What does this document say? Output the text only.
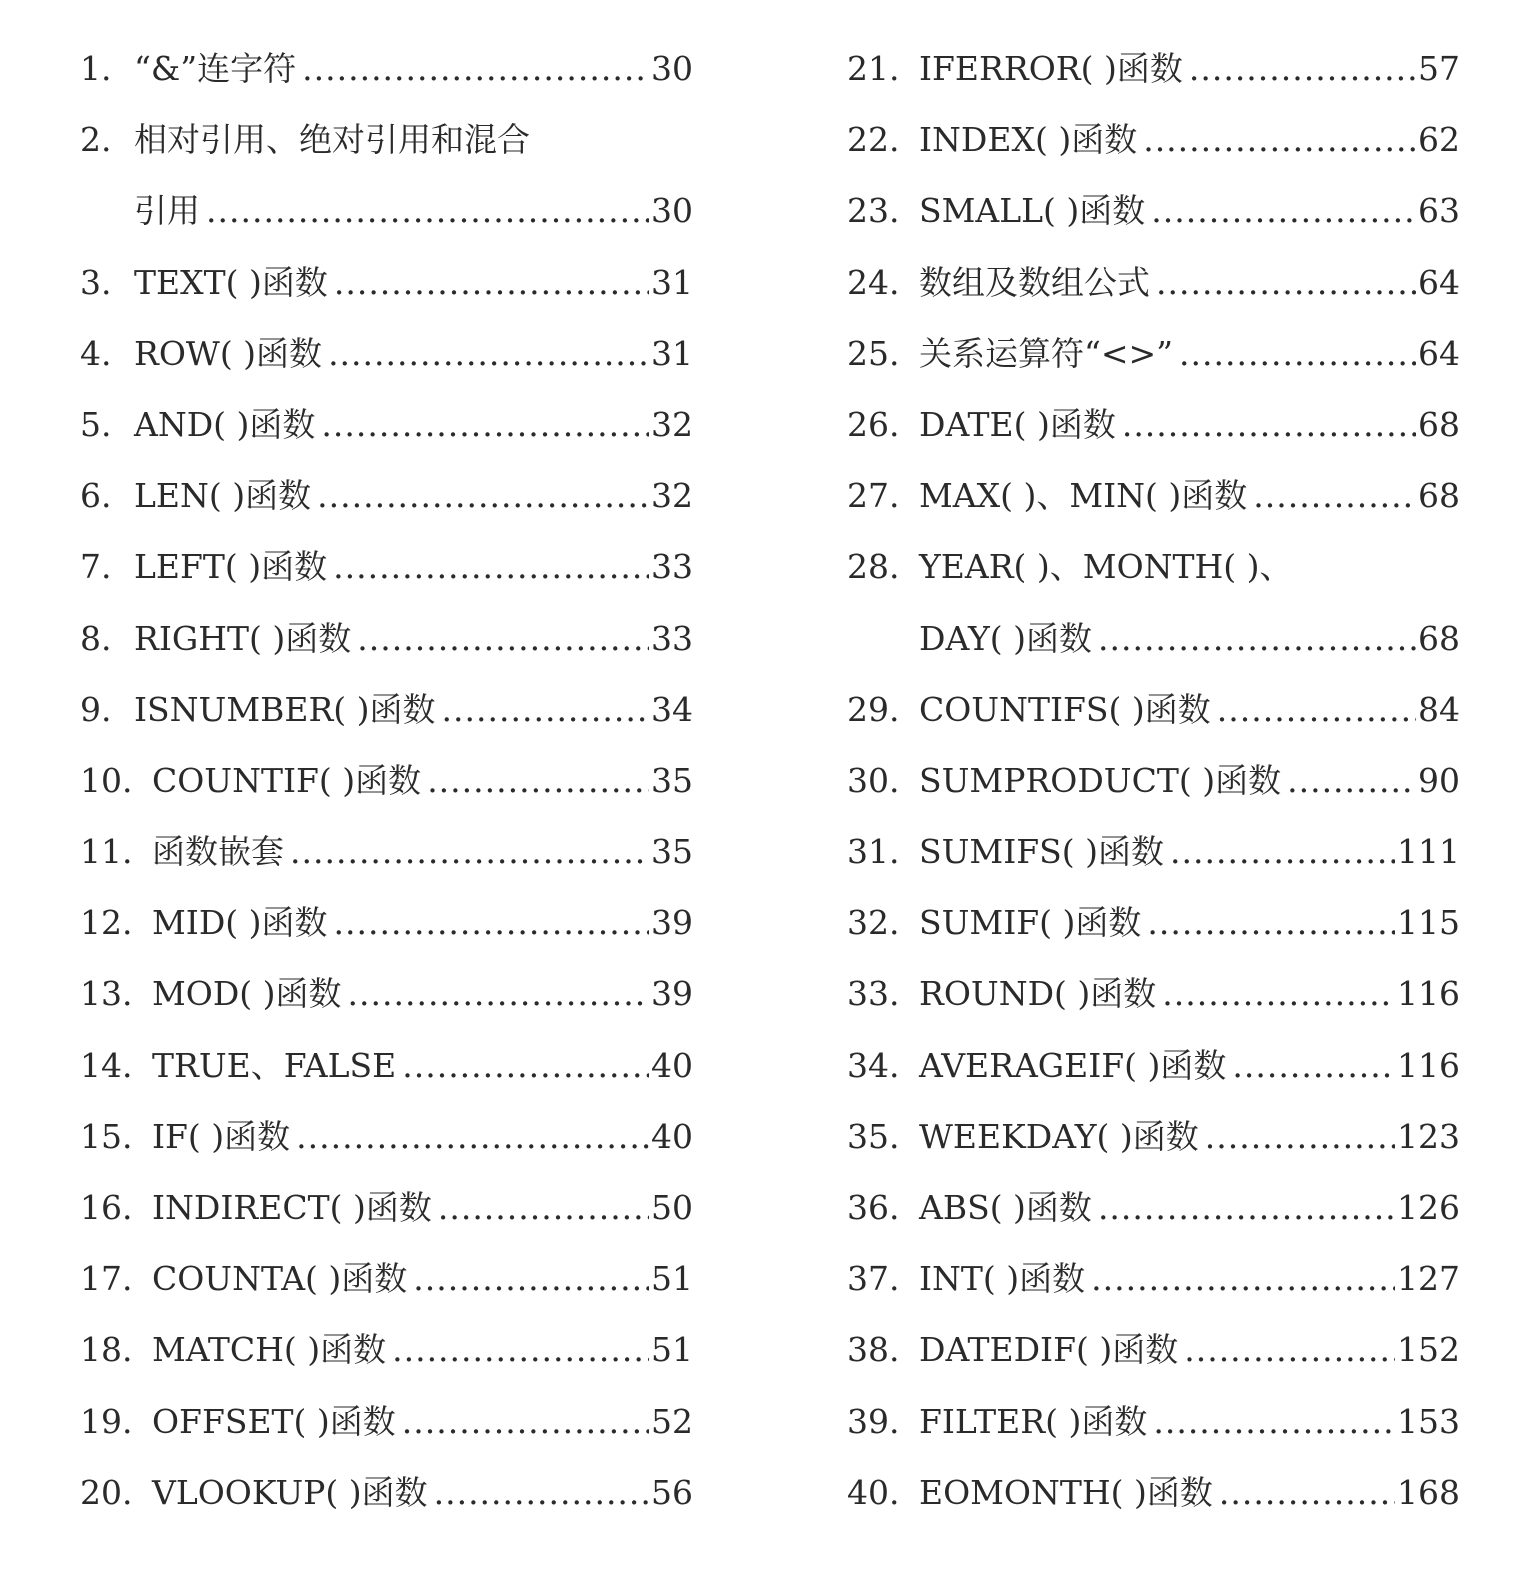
1. “&”连字符 .....	30
2. 相对引用、绝对引用和混合
引用 .....	30
3. TEXT( )函数 .....	31
4. ROW( )函数 .....	31
5. AND( )函数 .....	32
6. LEN( )函数 .....	32
7. LEFT( )函数 .....	33
8. RIGHT( )函数 .....	33
9. ISNUMBER( )函数 .....	34
10. COUNTIF( )函数 .....	35
11. 函数嵌套 .....	35
12. MID( )函数 .....	39
13. MOD( )函数 .....	39
14. TRUE、FALSE .....	40
15. IF( )函数 .....	40
16. INDIRECT( )函数 .....	50
17. COUNTA( )函数 .....	51
18. MATCH( )函数 .....	51
19. OFFSET( )函数 .....	52
20. VLOOKUP( )函数 .....	56
21. IFERROR( )函数 .....	57
22. INDEX( )函数 .....	62
23. SMALL( )函数 .....	63
24. 数组及数组公式 .....	64
25. 关系运算符“<>” .....	64
26. DATE( )函数 .....	68
27. MAX( )、MIN( )函数 .....	68
28. YEAR( )、MONTH( )、
DAY( )函数 .....	68
29. COUNTIFS( )函数 .....	84
30. SUMPRODUCT( )函数 .....	90
31. SUMIFS( )函数 .....	111
32. SUMIF( )函数 .....	115
33. ROUND( )函数 .....	116
34. AVERAGEIF( )函数 .....	116
35. WEEKDAY( )函数 .....	123
36. ABS( )函数 .....	126
37. INT( )函数 .....	127
38. DATEDIF( )函数 .....	152
39. FILTER( )函数 .....	153
40. EOMONTH( )函数 .....	168
